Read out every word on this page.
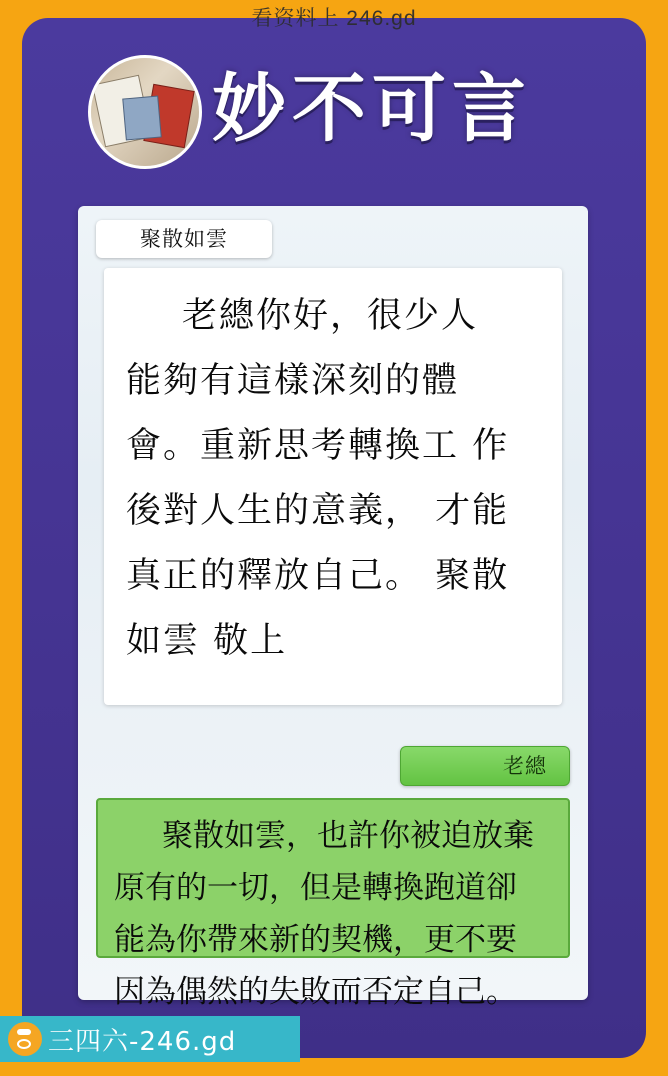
看资料上 246.gd
妙不可言
聚散如雲
老總你好，很少人
能夠有這樣深刻的體 會。重新思考轉換工 作後對人生的意義， 才能真正的釋放自己。 聚散如雲 敬上
老總
聚散如雲，也許你被迫放棄
原有的一切，但是轉換跑道卻 能為你帶來新的契機，更不要 因為偶然的失敗而否定自己。
三四六-246.gd
